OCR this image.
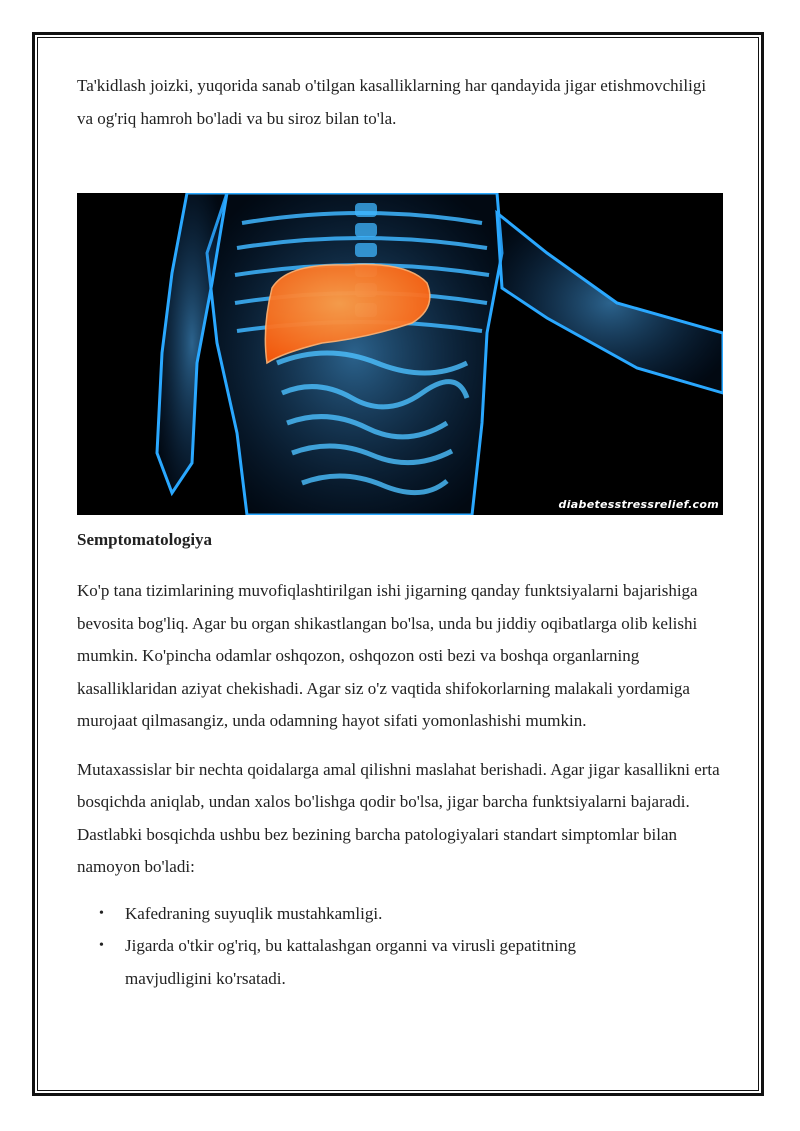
Ta'kidlash joizki, yuqorida sanab o'tilgan kasalliklarning har qandayida jigar etishmovchiligi va og'riq hamroh bo'ladi va bu siroz bilan to'la.

diabetesstressrelief.com
Semptomatologiya

Ko'p tana tizimlarining muvofiqlashtirilgan ishi jigarning qanday funktsiyalarni bajarishiga bevosita bog'liq. Agar bu organ shikastlangan bo'lsa, unda bu jiddiy oqibatlarga olib kelishi mumkin. Ko'pincha odamlar oshqozon, oshqozon osti bezi va boshqa organlarning kasalliklaridan aziyat chekishadi. Agar siz o'z vaqtida shifokorlarning malakali yordamiga murojaat qilmasangiz, unda odamning hayot sifati yomonlashishi mumkin.

Mutaxassislar bir nechta qoidalarga amal qilishni maslahat berishadi. Agar jigar kasallikni erta bosqichda aniqlab, undan xalos bo'lishga qodir bo'lsa, jigar barcha funktsiyalarni bajaradi. Dastlabki bosqichda ushbu bez bezining barcha patologiyalari standart simptomlar bilan namoyon bo'ladi:

• Kafedraning suyuqlik mustahkamligi.
• Jigarda o'tkir og'riq, bu kattalashgan organni va virusli gepatitning mavjudligini ko'rsatadi.
